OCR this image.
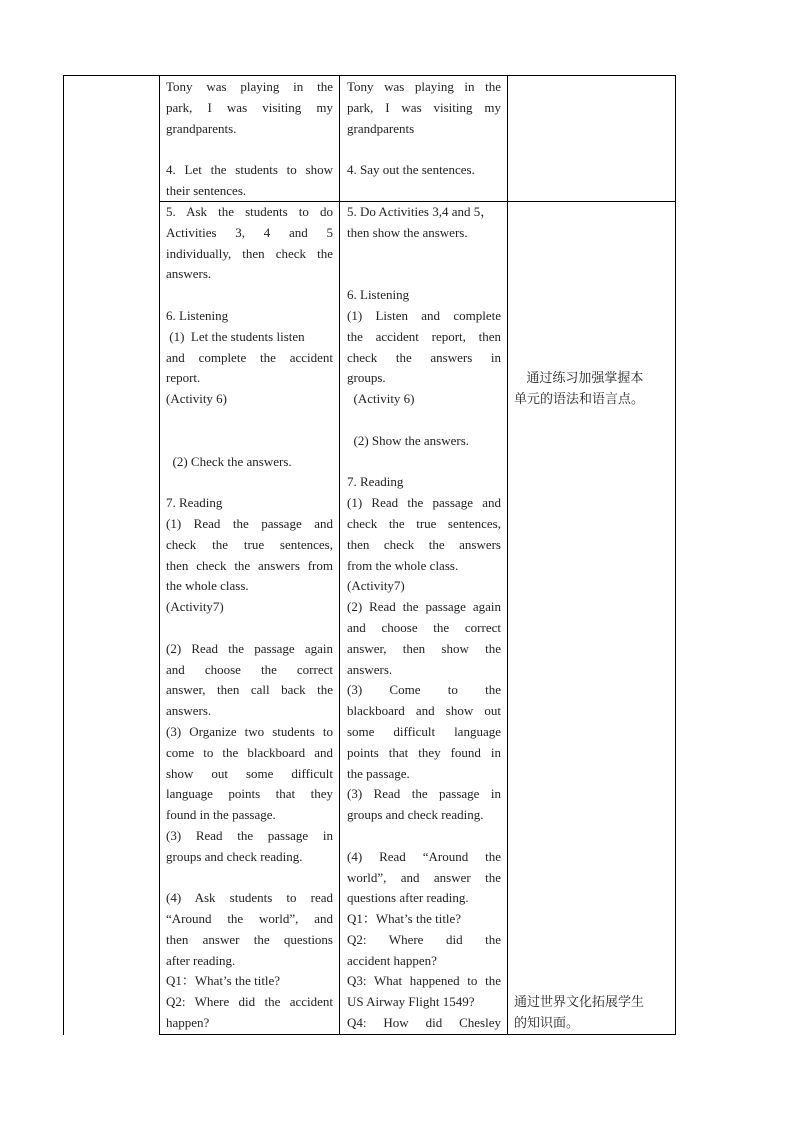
Tony was playing in the
park, I was visiting my
grandparents.

4. Let the students to show
their sentences.
Tony was playing in the
park, I was visiting my
grandparents

4. Say out the sentences.
5. Ask the students to do
Activities 3, 4 and 5
individually, then check the
answers.

6. Listening
(1)  Let the students listen
and complete the accident
report.
(Activity 6)

(2) Check the answers.

7. Reading
(1) Read the passage and
check the true sentences,
then check the answers from
the whole class.
(Activity7)

(2) Read the passage again
and choose the correct
answer, then call back the
answers.
(3) Organize two students to
come to the blackboard and
show out some difficult
language points that they
found in the passage.
(3) Read the passage in
groups and check reading.

(4) Ask students to read
“Around the world”, and
then answer the questions
after reading.
Q1：What’s the title?
Q2: Where did the accident
happen?
5. Do Activities 3,4 and 5，
then show the answers.

6. Listening
(1) Listen and complete
the accident report, then
check the answers in
groups.
(Activity 6)

(2) Show the answers.

7. Reading
(1) Read the passage and
check the true sentences,
then check the answers
from the whole class.
(Activity7)
(2) Read the passage again
and choose the correct
answer, then show the
answers.
(3) Come to the
blackboard and show out
some difficult language
points that they found in
the passage.
(3) Read the passage in
groups and check reading.

(4) Read “Around the
world”, and answer the
questions after reading.
Q1：What’s the title?
Q2: Where did the
accident happen?
Q3: What happened to the
US Airway Flight 1549?
Q4: How did Chesley
通过练习加强掌握本
单元的语法和语言点。
通过世界文化拓展学生
的知识面。
